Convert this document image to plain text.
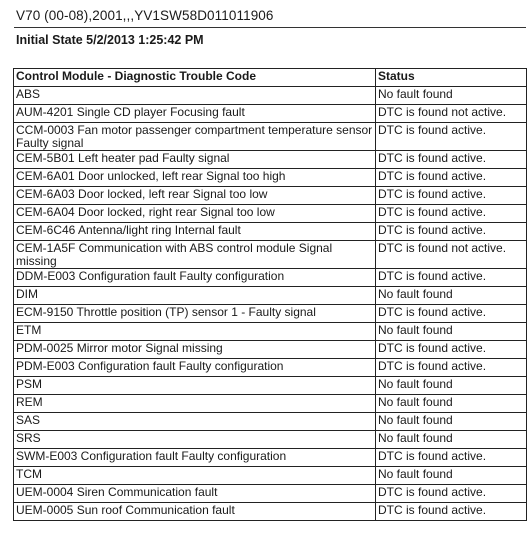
V70 (00-08),2001,,,YV1SW58D011011906
Initial State 5/2/2013 1:25:42 PM
Control Module - Diagnostic Trouble Code	Status
ABS	No fault found
AUM-4201 Single CD player Focusing fault	DTC is found not active.
CCM-0003 Fan motor passenger compartment temperature sensor Faulty signal	DTC is found active.
CEM-5B01 Left heater pad Faulty signal	DTC is found active.
CEM-6A01 Door unlocked, left rear Signal too high	DTC is found active.
CEM-6A03 Door locked, left rear Signal too low	DTC is found active.
CEM-6A04 Door locked, right rear Signal too low	DTC is found active.
CEM-6C46 Antenna/light ring Internal fault	DTC is found active.
CEM-1A5F Communication with ABS control module Signal missing	DTC is found not active.
DDM-E003 Configuration fault Faulty configuration	DTC is found active.
DIM	No fault found
ECM-9150 Throttle position (TP) sensor 1 - Faulty signal	DTC is found active.
ETM	No fault found
PDM-0025 Mirror motor Signal missing	DTC is found active.
PDM-E003 Configuration fault Faulty configuration	DTC is found active.
PSM	No fault found
REM	No fault found
SAS	No fault found
SRS	No fault found
SWM-E003 Configuration fault Faulty configuration	DTC is found active.
TCM	No fault found
UEM-0004 Siren Communication fault	DTC is found active.
UEM-0005 Sun roof Communication fault	DTC is found active.
